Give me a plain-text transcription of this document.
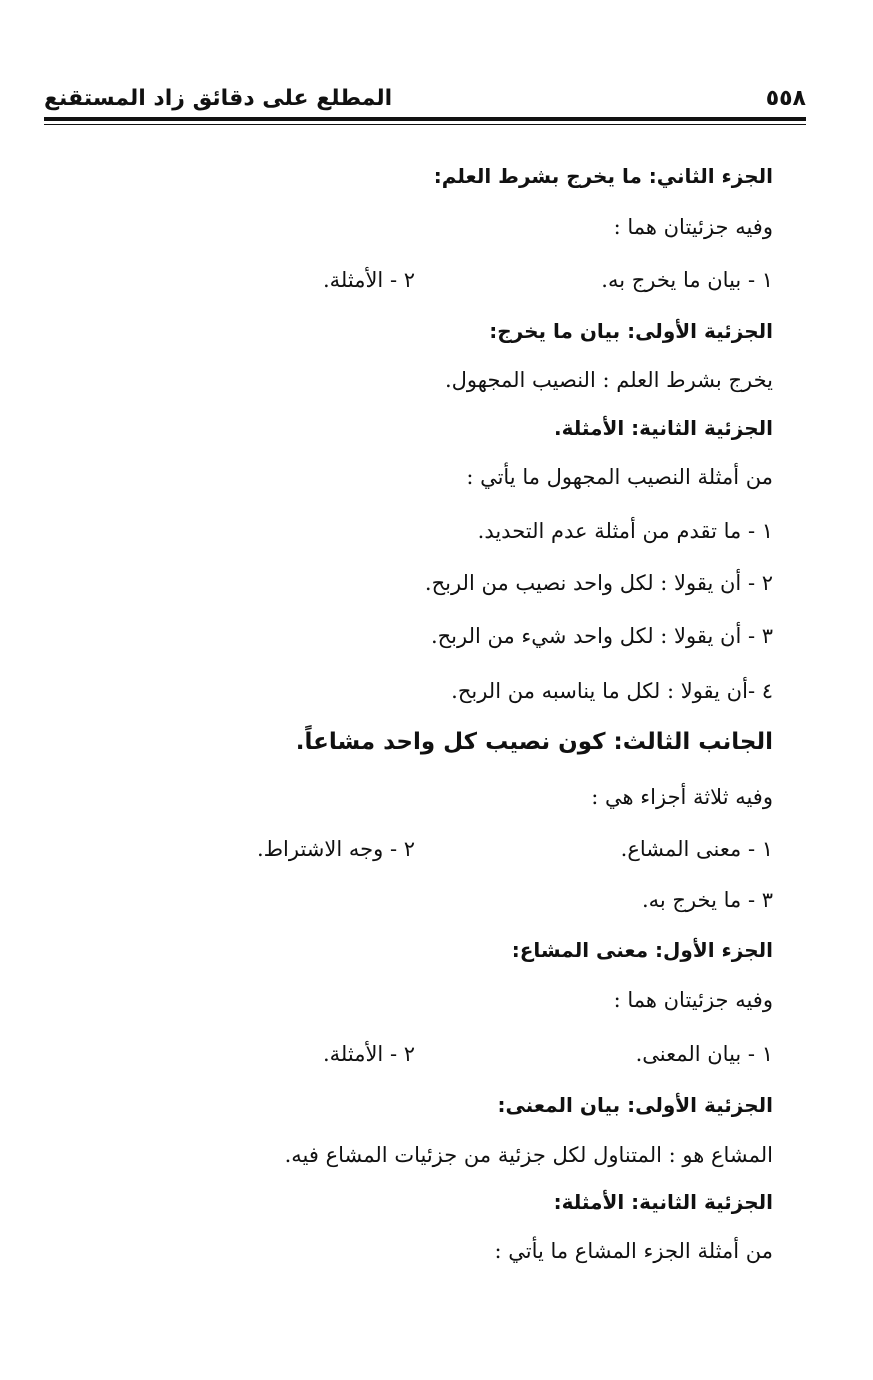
٥٥٨
المطلع على دقائق زاد المستقنع
الجزء الثاني: ما يخرج بشرط العلم:
وفيه جزئيتان هما :
١ - بيان ما يخرج به.
٢ - الأمثلة.
الجزئية الأولى: بيان ما يخرج:
يخرج بشرط العلم : النصيب المجهول.
الجزئية الثانية: الأمثلة.
من أمثلة النصيب المجهول ما يأتي :
١ - ما تقدم من أمثلة عدم التحديد.
٢ - أن يقولا : لكل واحد نصيب من الربح.
٣ - أن يقولا : لكل واحد شيء من الربح.
٤ -أن يقولا : لكل ما يناسبه من الربح.
الجانب الثالث: كون نصيب كل واحد مشاعاً.
وفيه ثلاثة أجزاء هي :
١ - معنى المشاع.
٢ - وجه الاشتراط.
٣ - ما يخرج به.
الجزء الأول: معنى المشاع:
وفيه جزئيتان هما :
١ - بيان المعنى.
٢ - الأمثلة.
الجزئية الأولى: بيان المعنى:
المشاع هو : المتناول لكل جزئية من جزئيات المشاع فيه.
الجزئية الثانية: الأمثلة:
من أمثلة الجزء المشاع ما يأتي :
